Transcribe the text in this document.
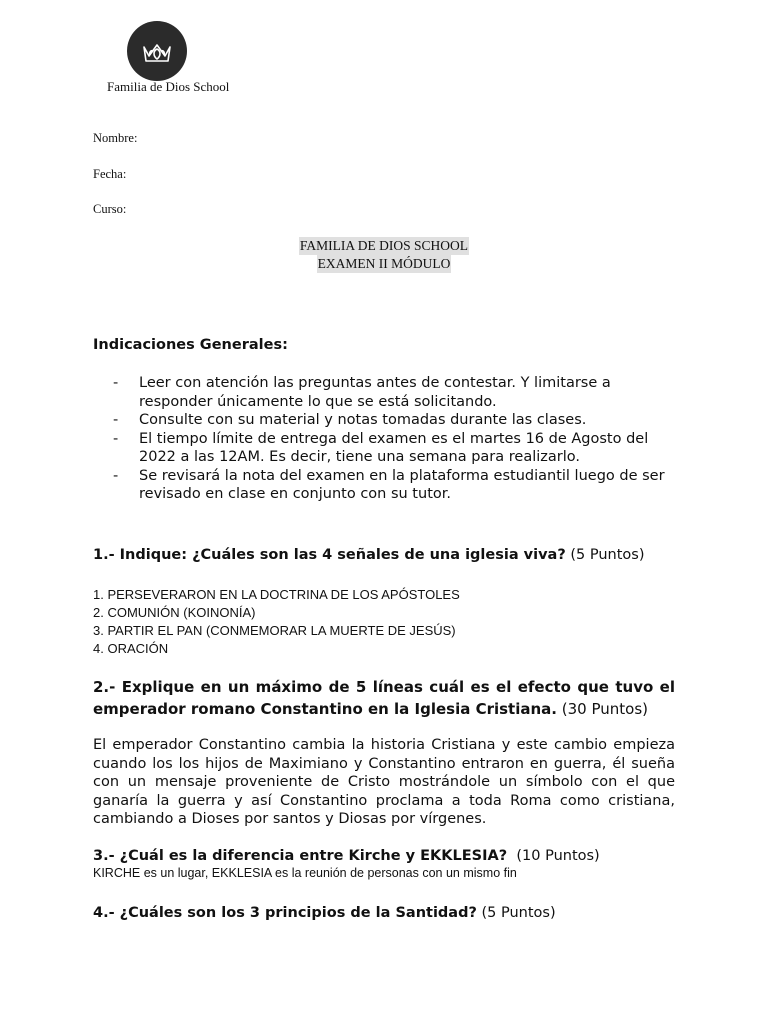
Familia de Dios School
Nombre:
Fecha:
Curso:
FAMILIA DE DIOS SCHOOL
EXAMEN II MÓDULO
Indicaciones Generales:
-	Leer con atención las preguntas antes de contestar. Y limitarse a responder únicamente lo que se está solicitando.
-	Consulte con su material y notas tomadas durante las clases.
-	El tiempo límite de entrega del examen es el martes 16 de Agosto del 2022 a las 12AM. Es decir, tiene una semana para realizarlo.
-	Se revisará la nota del examen en la plataforma estudiantil luego de ser revisado en clase en conjunto con su tutor.
1.- Indique: ¿Cuáles son las 4 señales de una iglesia viva? (5 Puntos)
1. PERSEVERARON EN LA DOCTRINA DE LOS APÓSTOLES
2. COMUNIÓN (KOINONÍA)
3. PARTIR EL PAN (CONMEMORAR LA MUERTE DE JESÚS)
4. ORACIÓN
2.- Explique en un máximo de 5 líneas cuál es el efecto que tuvo el emperador romano Constantino en la Iglesia Cristiana. (30 Puntos)
El emperador Constantino cambia la historia Cristiana y este cambio empieza cuando los los hijos de Maximiano y Constantino entraron en guerra, él sueña con un mensaje proveniente de Cristo mostrándole un símbolo con el que ganaría la guerra y así Constantino proclama a toda Roma como cristiana, cambiando a Dioses por santos y Diosas por vírgenes.
3.- ¿Cuál es la diferencia entre Kirche y EKKLESIA?  (10 Puntos)
KIRCHE es un lugar, EKKLESIA es la reunión de personas con un mismo fin
4.- ¿Cuáles son los 3 principios de la Santidad? (5 Puntos)
